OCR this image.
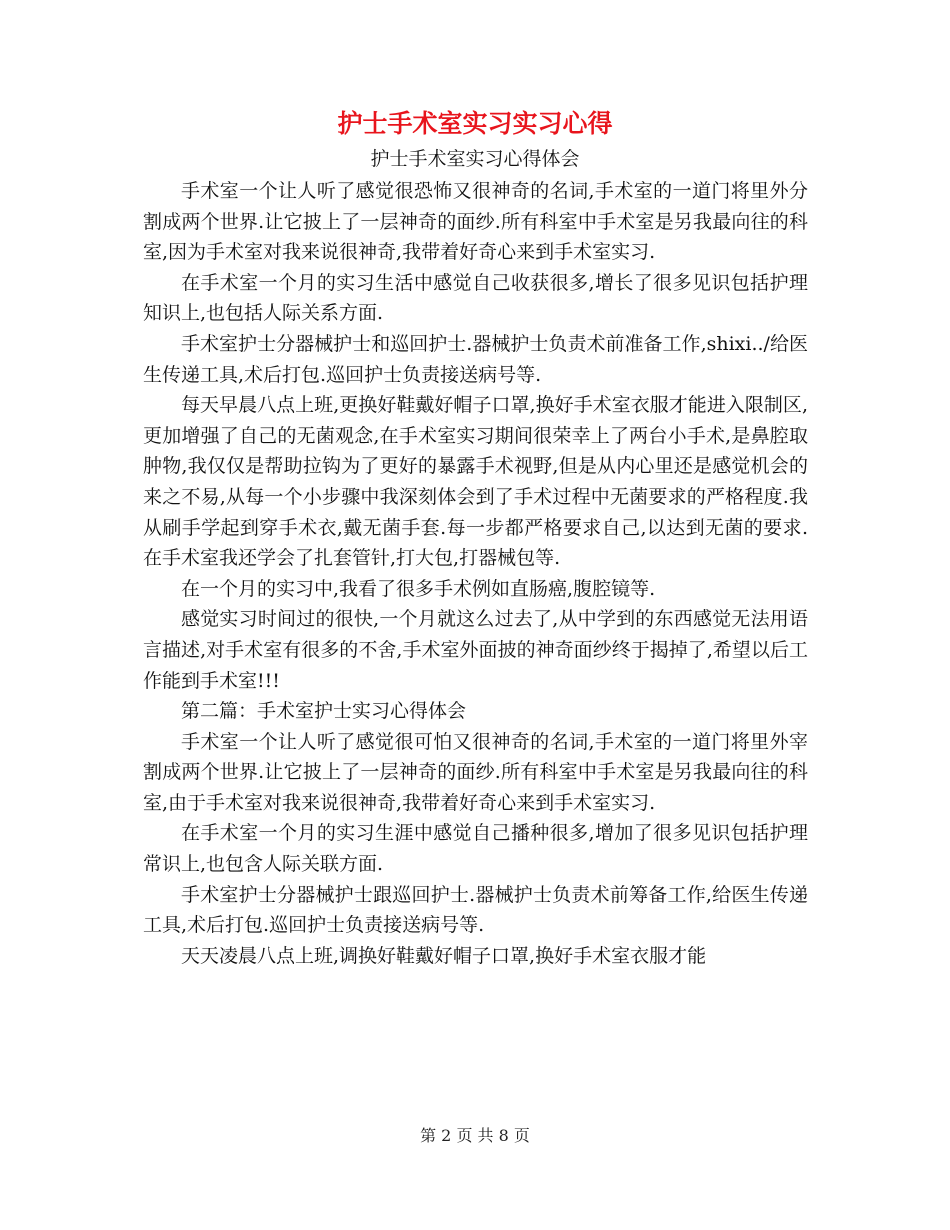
护士手术室实习实习心得
护士手术室实习心得体会

手术室一个让人听了感觉很恐怖又很神奇的名词,手术室的一道门将里外分割成两个世界.让它披上了一层神奇的面纱.所有科室中手术室是另我最向往的科室,因为手术室对我来说很神奇,我带着好奇心来到手术室实习.

在手术室一个月的实习生活中感觉自己收获很多,增长了很多见识包括护理知识上,也包括人际关系方面.

手术室护士分器械护士和巡回护士.器械护士负责术前准备工作,shixi../给医生传递工具,术后打包.巡回护士负责接送病号等.

每天早晨八点上班,更换好鞋戴好帽子口罩,换好手术室衣服才能进入限制区,更加增强了自己的无菌观念,在手术室实习期间很荣幸上了两台小手术,是鼻腔取肿物,我仅仅是帮助拉钩为了更好的暴露手术视野,但是从内心里还是感觉机会的来之不易,从每一个小步骤中我深刻体会到了手术过程中无菌要求的严格程度.我从刷手学起到穿手术衣,戴无菌手套.每一步都严格要求自己,以达到无菌的要求.在手术室我还学会了扎套管针,打大包,打器械包等.

在一个月的实习中,我看了很多手术例如直肠癌,腹腔镜等.

感觉实习时间过的很快,一个月就这么过去了,从中学到的东西感觉无法用语言描述,对手术室有很多的不舍,手术室外面披的神奇面纱终于揭掉了,希望以后工作能到手术室!!!

第二篇：手术室护士实习心得体会

手术室一个让人听了感觉很可怕又很神奇的名词,手术室的一道门将里外宰割成两个世界.让它披上了一层神奇的面纱.所有科室中手术室是另我最向往的科室,由于手术室对我来说很神奇,我带着好奇心来到手术室实习.

在手术室一个月的实习生涯中感觉自己播种很多,增加了很多见识包括护理常识上,也包含人际关联方面.

手术室护士分器械护士跟巡回护士.器械护士负责术前筹备工作,给医生传递工具,术后打包.巡回护士负责接送病号等.

天天凌晨八点上班,调换好鞋戴好帽子口罩,换好手术室衣服才能

第 2 页 共 8 页
